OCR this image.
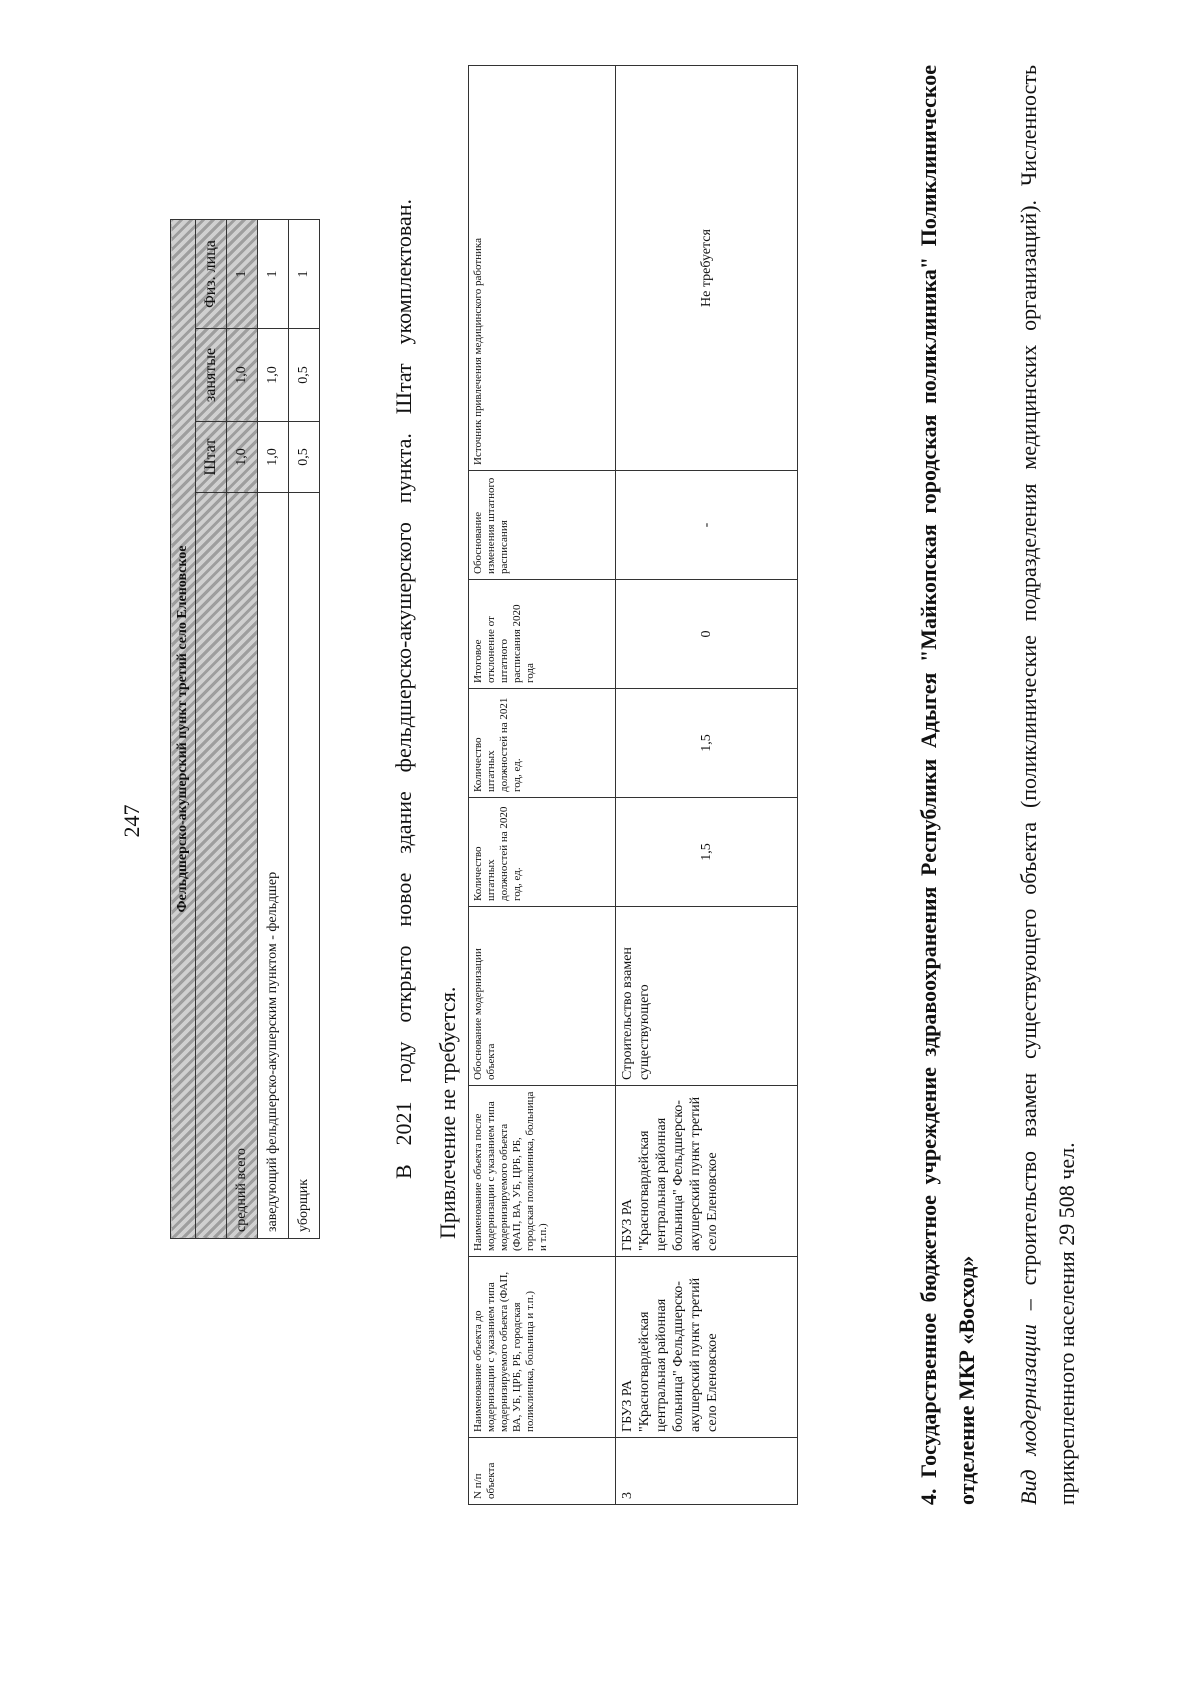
247 Фельдшерско-акушерский пункт третий село Еленовское			
	Штат	занятые	Физ. лица
средний всего	1,0	1,0	1
заведующий фельдшерско-акушерским пунктом - фельдшер	1,0	1,0	1
уборщик	0,5	0,5	1	В 2021 году открыто новое здание фельдшерско-акушерского пункта. Штат укомплектован. Привлечение не требуется.

N п/п объекта	Наименование объекта до модернизации с указанием типа модернизируемого объекта (ФАП, ВА, УБ, ЦРБ, РБ, городская поликлиника, больница и т.п.)	Наименование объекта после модернизации с указанием типа модернизируемого объекта (ФАП, ВА, УБ, ЦРБ, РБ, городская поликлиника, больница и т.п.)	Обоснование модернизации объекта	Количество штатных должностей на 2020 год, ед.	Количество штатных должностей на 2021 год, ед.	Итоговое отклонение от штатного расписания 2020 года	Обоснование изменения штатного расписания	Источник привлечения медицинского работника
3	ГБУЗ РА "Красногвардейская центральная районная больница" Фельдшерско-акушерский пункт третий село Еленовское	ГБУЗ РА "Красногвардейская центральная районная больница" Фельдшерско-акушерский пункт третий село Еленовское	Строительство взамен существующего	1,5	1,5	0	-	Не требуется	4. Государственное бюджетное учреждение здравоохранения Республики Адыгея "Майкопская городская поликлиника" Поликлиническое отделение МКР «Восход»	Вид модернизации – строительство взамен существующего объекта (поликлинические подразделения медицинских организаций). Численность прикрепленного населения 29 508 чел.
